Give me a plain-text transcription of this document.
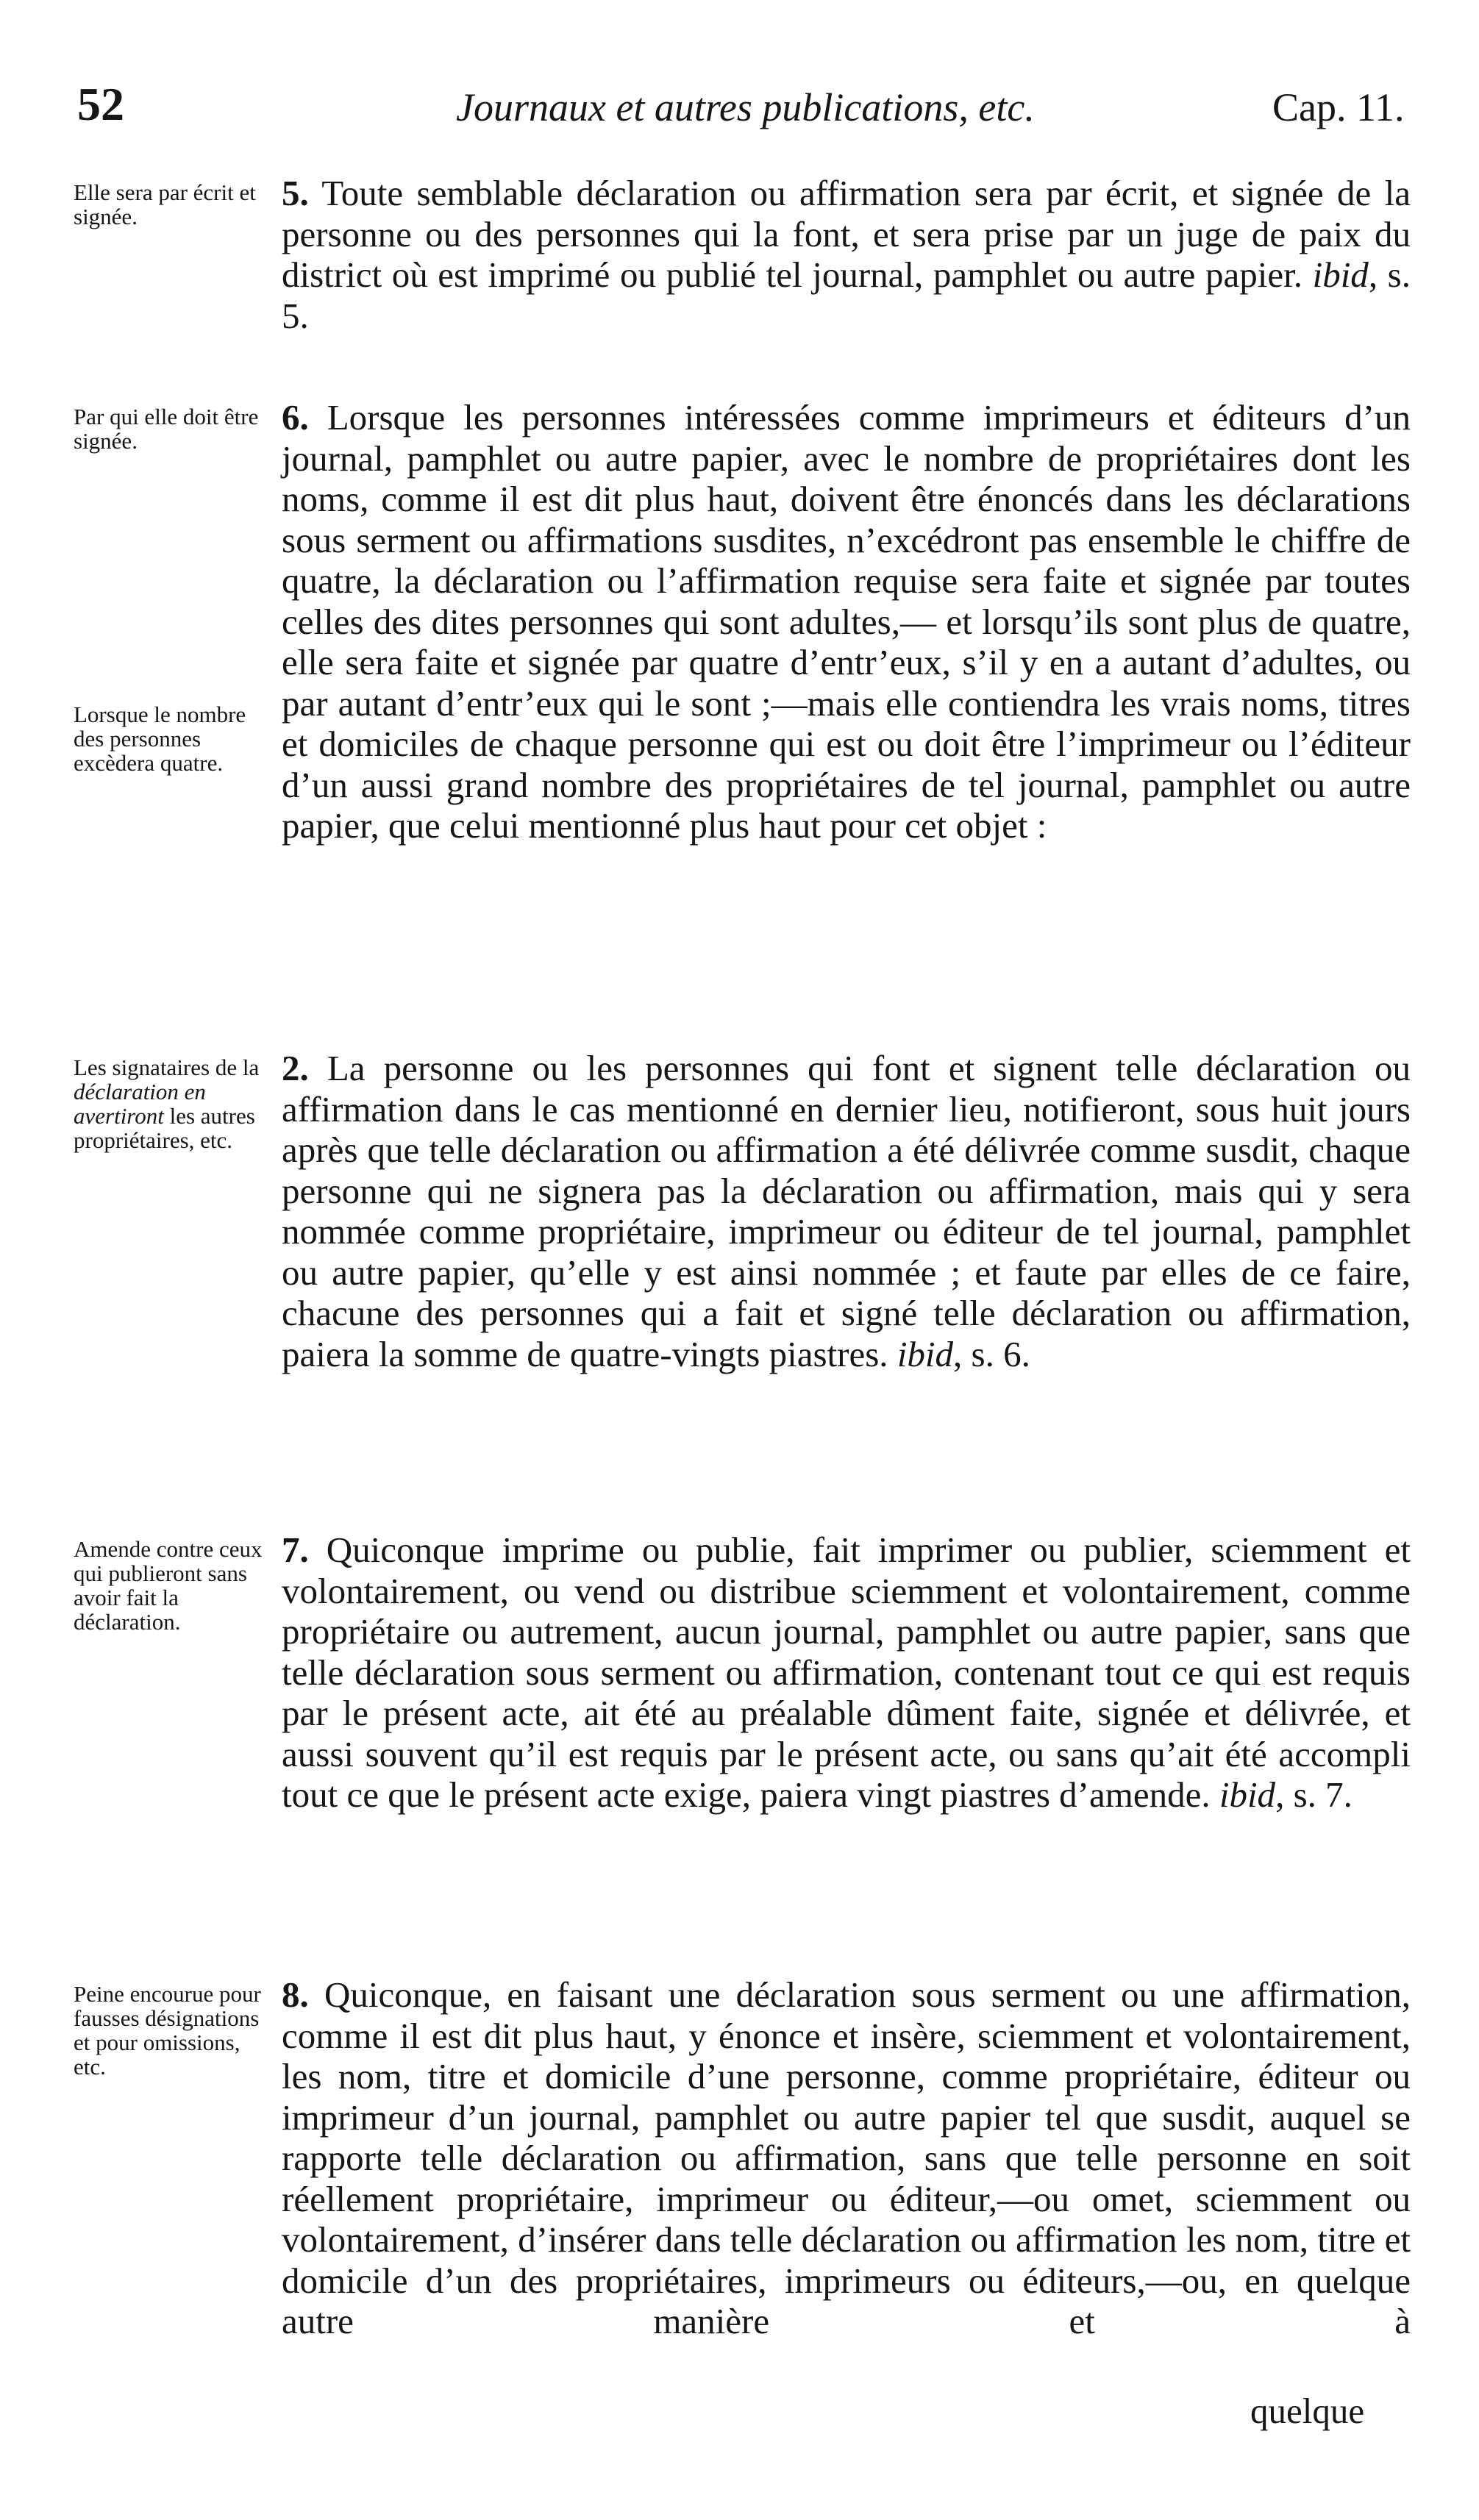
52	Journaux et autres publications, etc.	Cap. 11.
Elle sera par écrit et signée.

5. Toute semblable déclaration ou affirmation sera par écrit, et signée de la personne ou des personnes qui la font, et sera prise par un juge de paix du district où est imprimé ou publié tel journal, pamphlet ou autre papier. ibid, s. 5.

Par qui elle doit être signée.
Lorsque le nombre des personnes excèdera quatre.

6. Lorsque les personnes intéressées comme imprimeurs et éditeurs d’un journal, pamphlet ou autre papier, avec le nombre de propriétaires dont les noms, comme il est dit plus haut, doivent être énoncés dans les déclarations sous serment ou affirmations susdites, n’excédront pas ensemble le chiffre de quatre, la déclaration ou l’affirmation requise sera faite et signée par toutes celles des dites personnes qui sont adultes,— et lorsqu’ils sont plus de quatre, elle sera faite et signée par quatre d’entr’eux, s’il y en a autant d’adultes, ou par autant d’entr’eux qui le sont ;—mais elle contiendra les vrais noms, titres et domiciles de chaque personne qui est ou doit être l’imprimeur ou l’éditeur d’un aussi grand nombre des propriétaires de tel journal, pamphlet ou autre papier, que celui mentionné plus haut pour cet objet :

Les signataires de la déclaration en avertiront les autres propriétaires, etc.

2. La personne ou les personnes qui font et signent telle déclaration ou affirmation dans le cas mentionné en dernier lieu, notifieront, sous huit jours après que telle déclaration ou affirmation a été délivrée comme susdit, chaque personne qui ne signera pas la déclaration ou affirmation, mais qui y sera nommée comme propriétaire, imprimeur ou éditeur de tel journal, pamphlet ou autre papier, qu’elle y est ainsi nommée ; et faute par elles de ce faire, chacune des personnes qui a fait et signé telle déclaration ou affirmation, paiera la somme de quatre-vingts piastres. ibid, s. 6.

Amende contre ceux qui publieront sans avoir fait la déclaration.

7. Quiconque imprime ou publie, fait imprimer ou publier, sciemment et volontairement, ou vend ou distribue sciemment et volontairement, comme propriétaire ou autrement, aucun journal, pamphlet ou autre papier, sans que telle déclaration sous serment ou affirmation, contenant tout ce qui est requis par le présent acte, ait été au préalable dûment faite, signée et délivrée, et aussi souvent qu’il est requis par le présent acte, ou sans qu’ait été accompli tout ce que le présent acte exige, paiera vingt piastres d’amende. ibid, s. 7.

Peine encourue pour fausses désignations et pour omissions, etc.

8. Quiconque, en faisant une déclaration sous serment ou une affirmation, comme il est dit plus haut, y énonce et insère, sciemment et volontairement, les nom, titre et domicile d’une personne, comme propriétaire, éditeur ou imprimeur d’un journal, pamphlet ou autre papier tel que susdit, auquel se rapporte telle déclaration ou affirmation, sans que telle personne en soit réellement propriétaire, imprimeur ou éditeur,—ou omet, sciemment ou volontairement, d’insérer dans telle déclaration ou affirmation les nom, titre et domicile d’un des propriétaires, imprimeurs ou éditeurs,—ou, en quelque autre manière et à

quelque
